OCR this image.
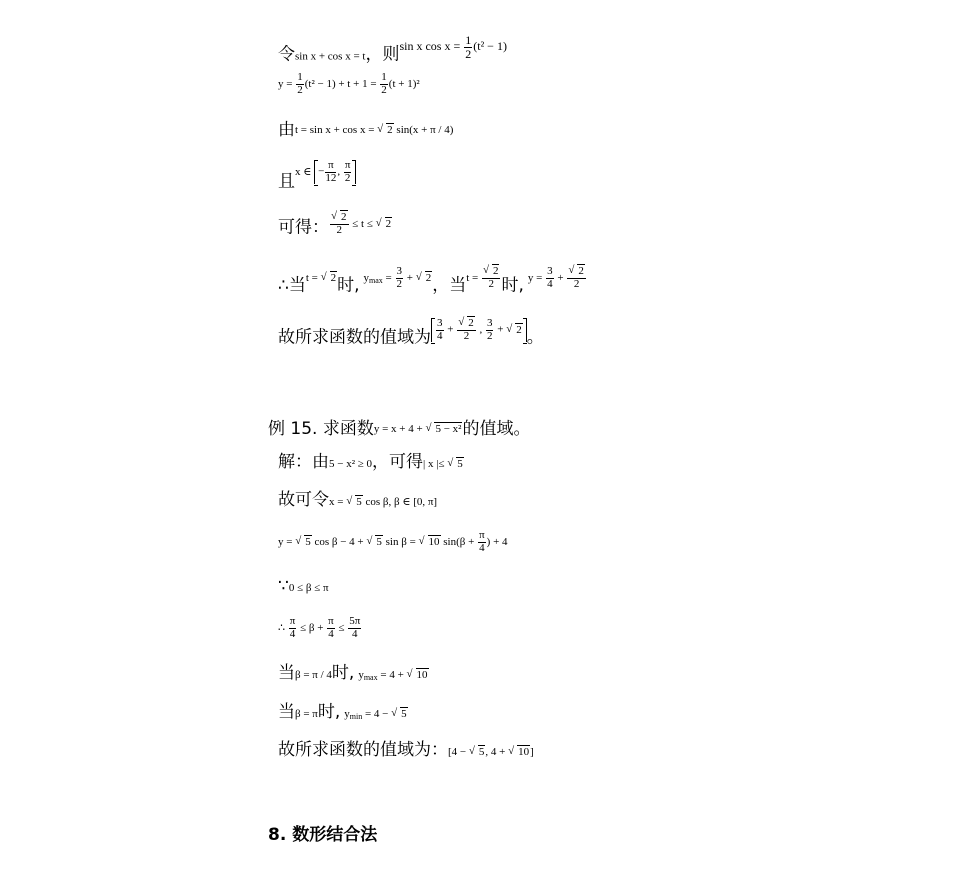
令sin x + cos x = t，则$^{sin x cos x = \frac{1}{2} (t^2 - 1)}$
$y = \frac{1}{2} (t^2 - 1) + t + 1 = \frac{1}{2} (t + 1)^2$
由t = sin x + cos x = √ 2 sin(x + π / 4)
且x ∈ − $\frac{\pi}{12}$ , $\frac{\pi}{2}$
可得： √ $\frac{2}{2} \le t$ ≤ √ 2
∴当t = √ 2时, $y_{max} = \frac{3}{2}$ + √ 2，当t = √ $\frac{2}{2}$ 时, $y = \frac{3}{4}$ + √ $\frac{2}{2}$
故所求函数的值域为 $\frac{3}{4}$ + √ $\frac{2}{2}$ , $\frac{3}{2}$ + √ 2 。
例 15. 求函数y = x + 4 + √ 5 − x²的值域。
解：由5 − x² ≥ 0，可得| x |≤ √ 5
故可令x = √ 5 cos β, β ∈ [0, π]
y = √ 5 cos β − 4 + √ 5 sin β = √ 10 $\sin(\beta + \frac{\pi}{4}$ ) + 4
∵0 ≤ β ≤ π
∴ $\frac{\pi}{4} \le \beta + \frac{\pi}{4} \le \frac{5\pi}{4}$
当β = π / 4时, $y_{max} = 4$ + √ 10
当β = π时, $y_{min} = 4$ − √ 5
故所求函数的值域为：[4 − √ 5, 4 + √ 10]
8. 数形结合法
